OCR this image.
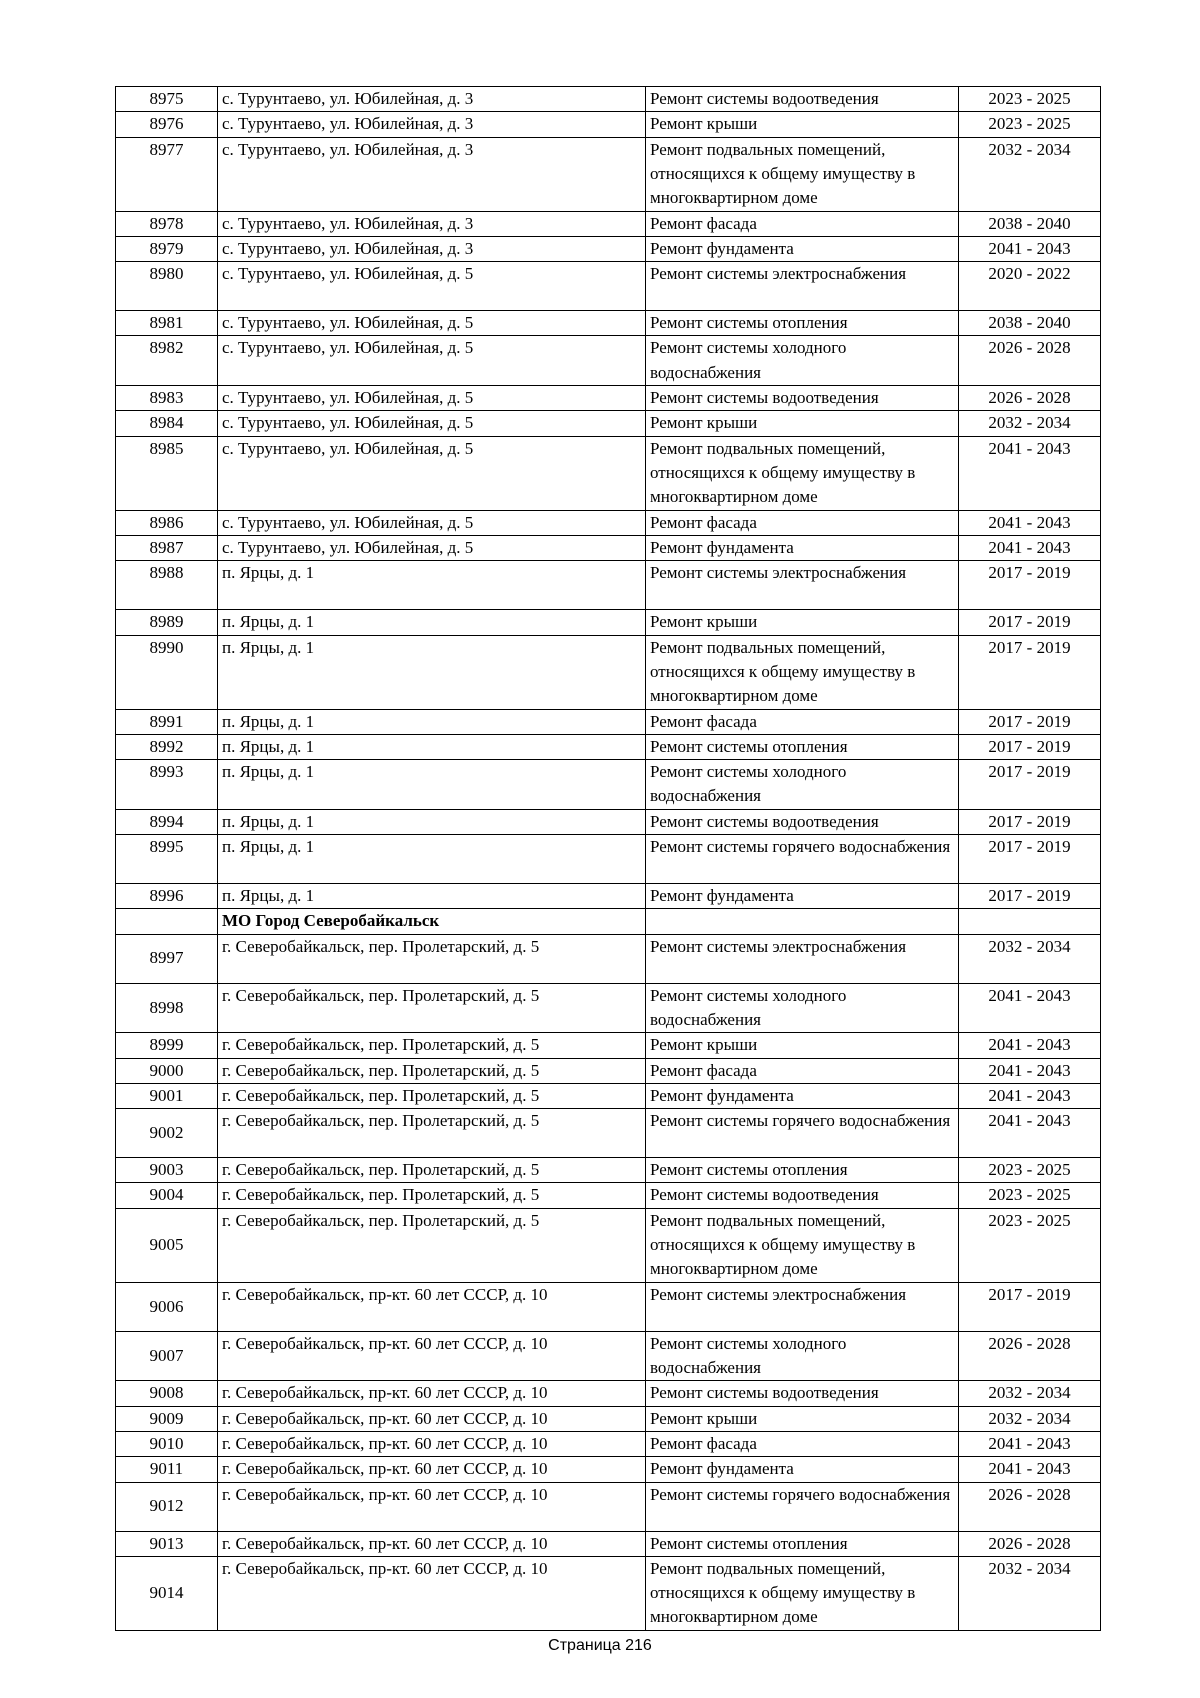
8975	с. Турунтаево, ул. Юбилейная, д. 3	Ремонт системы водоотведения	2023 - 2025
8976	с. Турунтаево, ул. Юбилейная, д. 3	Ремонт крыши	2023 - 2025
8977	с. Турунтаево, ул. Юбилейная, д. 3	Ремонт подвальных помещений, относящихся к общему имуществу в многоквартирном доме	2032 - 2034
8978	с. Турунтаево, ул. Юбилейная, д. 3	Ремонт фасада	2038 - 2040
8979	с. Турунтаево, ул. Юбилейная, д. 3	Ремонт фундамента	2041 - 2043
8980	с. Турунтаево, ул. Юбилейная, д. 5	Ремонт системы электроснабжения	2020 - 2022
8981	с. Турунтаево, ул. Юбилейная, д. 5	Ремонт системы отопления	2038 - 2040
8982	с. Турунтаево, ул. Юбилейная, д. 5	Ремонт системы холодного водоснабжения	2026 - 2028
8983	с. Турунтаево, ул. Юбилейная, д. 5	Ремонт системы водоотведения	2026 - 2028
8984	с. Турунтаево, ул. Юбилейная, д. 5	Ремонт крыши	2032 - 2034
8985	с. Турунтаево, ул. Юбилейная, д. 5	Ремонт подвальных помещений, относящихся к общему имуществу в многоквартирном доме	2041 - 2043
8986	с. Турунтаево, ул. Юбилейная, д. 5	Ремонт фасада	2041 - 2043
8987	с. Турунтаево, ул. Юбилейная, д. 5	Ремонт фундамента	2041 - 2043
8988	п. Ярцы, д. 1	Ремонт системы электроснабжения	2017 - 2019
8989	п. Ярцы, д. 1	Ремонт крыши	2017 - 2019
8990	п. Ярцы, д. 1	Ремонт подвальных помещений, относящихся к общему имуществу в многоквартирном доме	2017 - 2019
8991	п. Ярцы, д. 1	Ремонт фасада	2017 - 2019
8992	п. Ярцы, д. 1	Ремонт системы отопления	2017 - 2019
8993	п. Ярцы, д. 1	Ремонт системы холодного водоснабжения	2017 - 2019
8994	п. Ярцы, д. 1	Ремонт системы водоотведения	2017 - 2019
8995	п. Ярцы, д. 1	Ремонт системы горячего водоснабжения	2017 - 2019
8996	п. Ярцы, д. 1	Ремонт фундамента	2017 - 2019
	МО Город Северобайкальск		
8997	г. Северобайкальск, пер. Пролетарский, д. 5	Ремонт системы электроснабжения	2032 - 2034
8998	г. Северобайкальск, пер. Пролетарский, д. 5	Ремонт системы холодного водоснабжения	2041 - 2043
8999	г. Северобайкальск, пер. Пролетарский, д. 5	Ремонт крыши	2041 - 2043
9000	г. Северобайкальск, пер. Пролетарский, д. 5	Ремонт фасада	2041 - 2043
9001	г. Северобайкальск, пер. Пролетарский, д. 5	Ремонт фундамента	2041 - 2043
9002	г. Северобайкальск, пер. Пролетарский, д. 5	Ремонт системы горячего водоснабжения	2041 - 2043
9003	г. Северобайкальск, пер. Пролетарский, д. 5	Ремонт системы отопления	2023 - 2025
9004	г. Северобайкальск, пер. Пролетарский, д. 5	Ремонт системы водоотведения	2023 - 2025
9005	г. Северобайкальск, пер. Пролетарский, д. 5	Ремонт подвальных помещений, относящихся к общему имуществу в многоквартирном доме	2023 - 2025
9006	г. Северобайкальск, пр-кт. 60 лет СССР, д. 10	Ремонт системы электроснабжения	2017 - 2019
9007	г. Северобайкальск, пр-кт. 60 лет СССР, д. 10	Ремонт системы холодного водоснабжения	2026 - 2028
9008	г. Северобайкальск, пр-кт. 60 лет СССР, д. 10	Ремонт системы водоотведения	2032 - 2034
9009	г. Северобайкальск, пр-кт. 60 лет СССР, д. 10	Ремонт крыши	2032 - 2034
9010	г. Северобайкальск, пр-кт. 60 лет СССР, д. 10	Ремонт фасада	2041 - 2043
9011	г. Северобайкальск, пр-кт. 60 лет СССР, д. 10	Ремонт фундамента	2041 - 2043
9012	г. Северобайкальск, пр-кт. 60 лет СССР, д. 10	Ремонт системы горячего водоснабжения	2026 - 2028
9013	г. Северобайкальск, пр-кт. 60 лет СССР, д. 10	Ремонт системы отопления	2026 - 2028
9014	г. Северобайкальск, пр-кт. 60 лет СССР, д. 10	Ремонт подвальных помещений, относящихся к общему имуществу в многоквартирном доме	2032 - 2034
Страница 216
